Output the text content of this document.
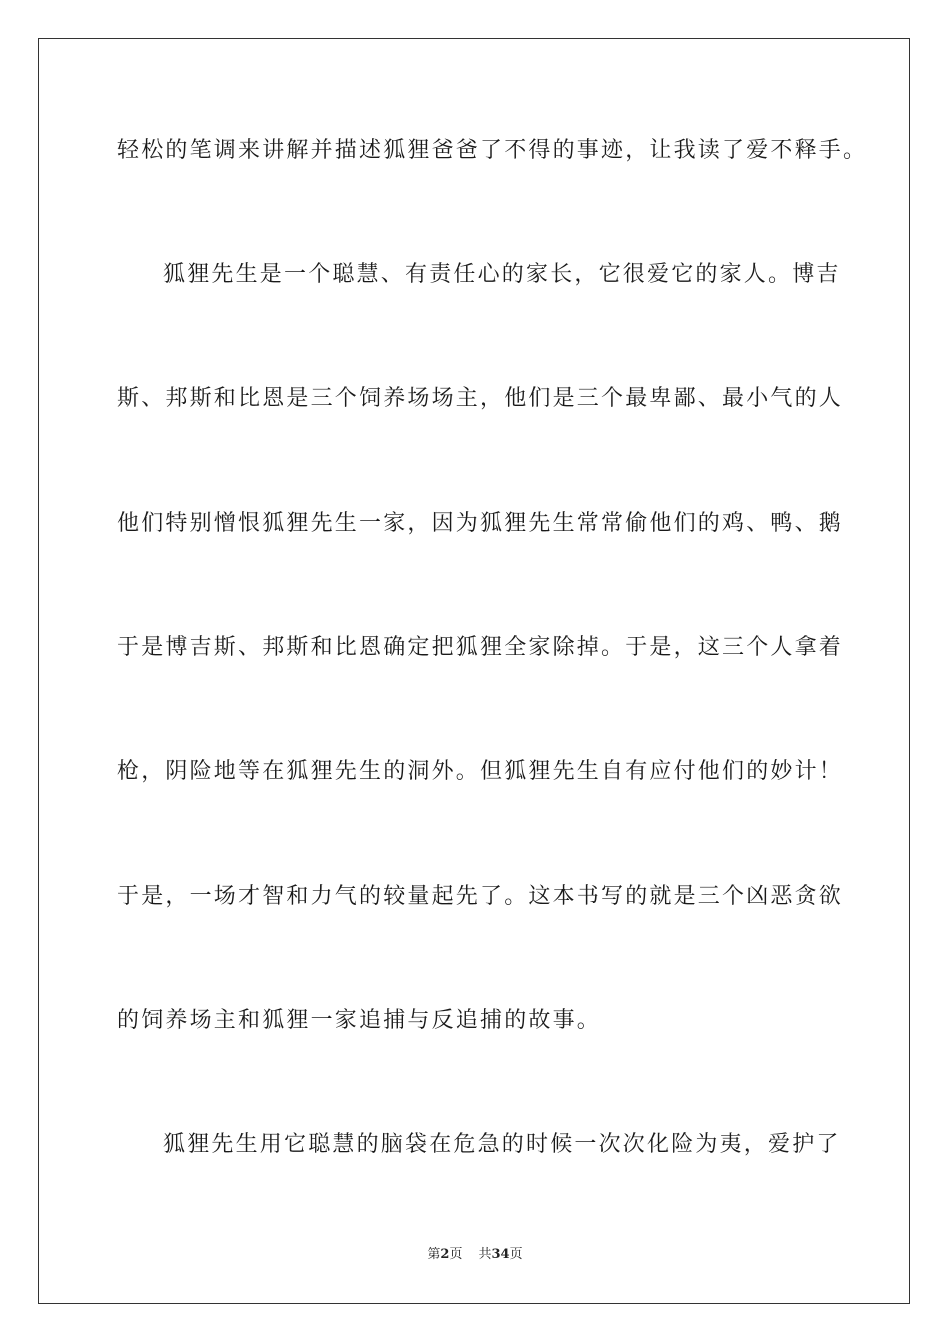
轻松的笔调来讲解并描述狐狸爸爸了不得的事迹，让我读了爱不释手。
狐狸先生是一个聪慧、有责任心的家长，它很爱它的家人。博吉
斯、邦斯和比恩是三个饲养场场主，他们是三个最卑鄙、最小气的人
他们特别憎恨狐狸先生一家，因为狐狸先生常常偷他们的鸡、鸭、鹅
于是博吉斯、邦斯和比恩确定把狐狸全家除掉。于是，这三个人拿着
枪，阴险地等在狐狸先生的洞外。但狐狸先生自有应付他们的妙计！
于是，一场才智和力气的较量起先了。这本书写的就是三个凶恶贪欲
的饲养场主和狐狸一家追捕与反追捕的故事。
狐狸先生用它聪慧的脑袋在危急的时候一次次化险为夷，爱护了
第2页 共34页
